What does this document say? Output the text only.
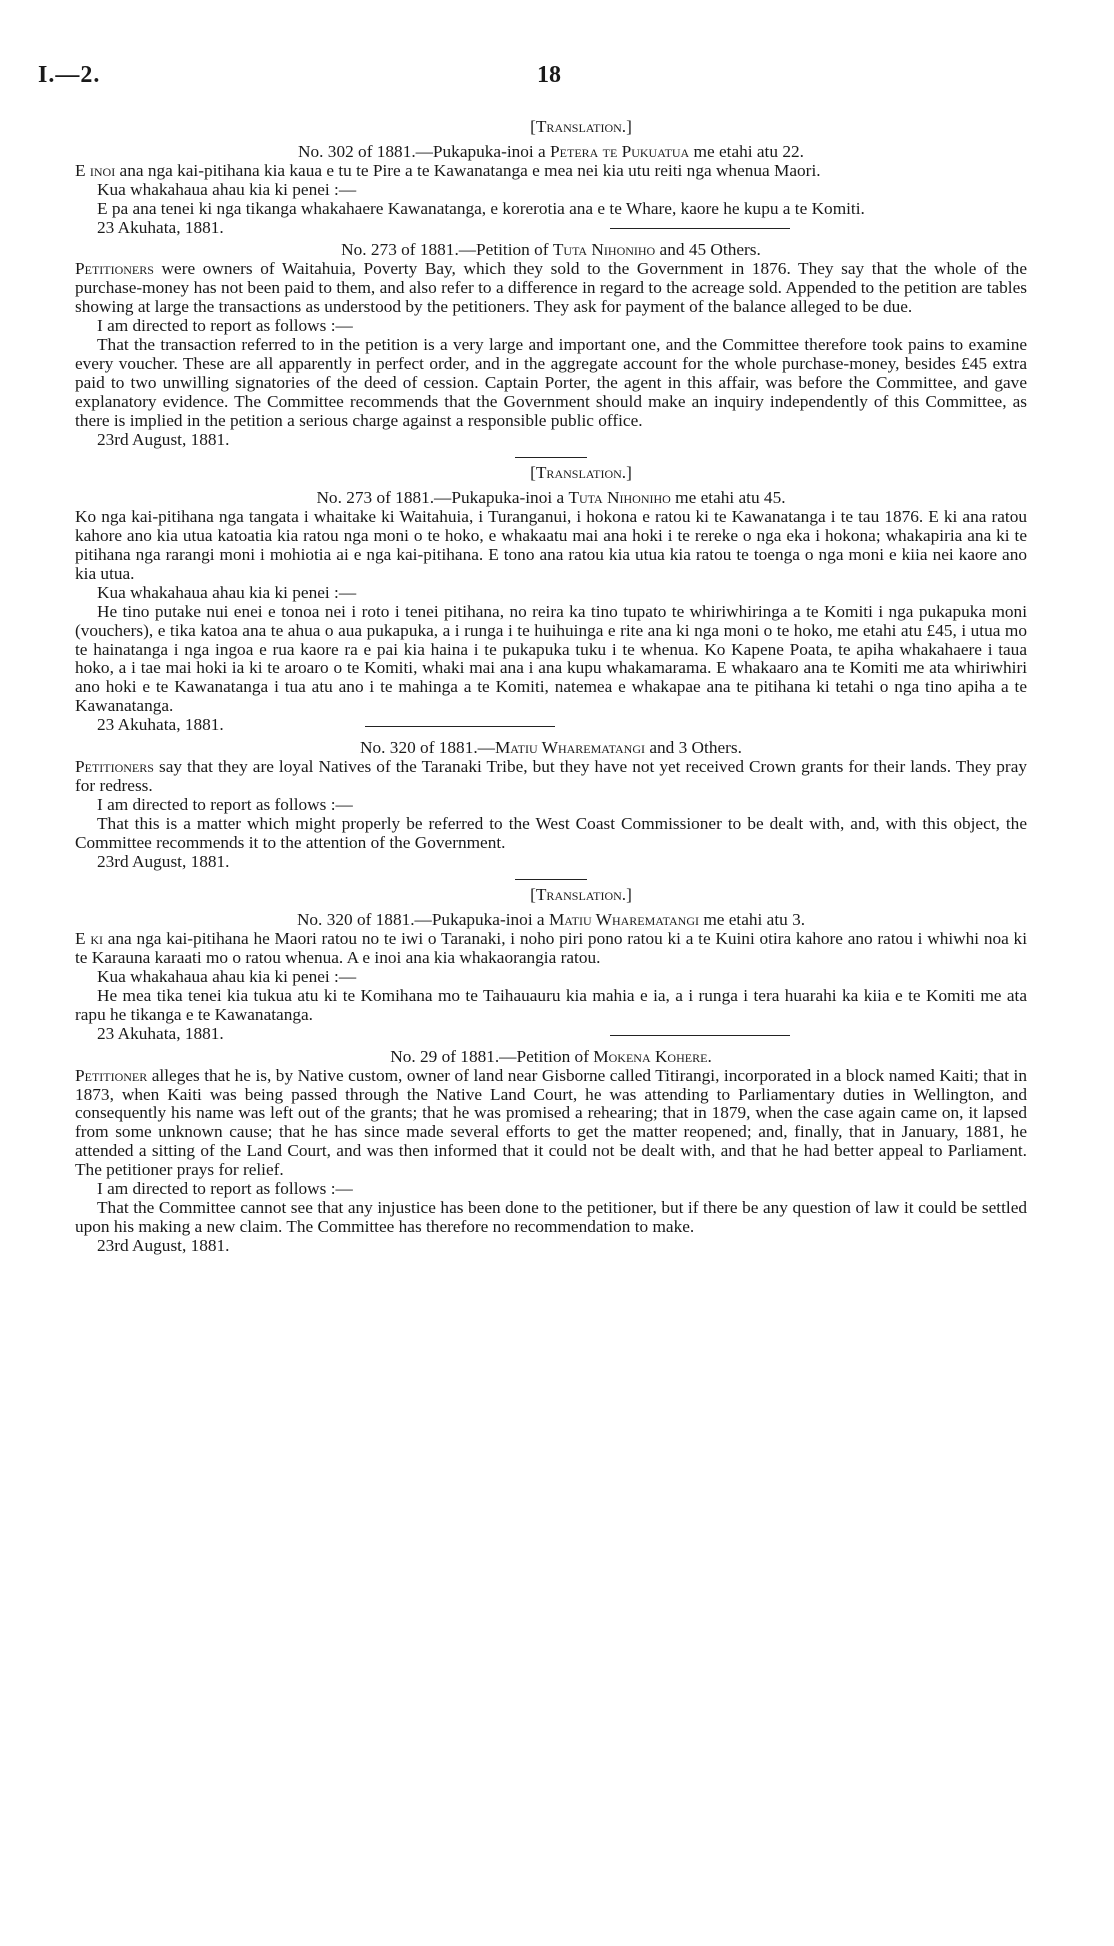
I.—2.	18
[Translation.]
No. 302 of 1881.—Pukapuka-inoi a Petera te Pukuatua me etahi atu 22.

E inoi ana nga kai-pitihana kia kaua e tu te Pire a te Kawanatanga e mea nei kia utu reiti nga whenua Maori.

Kua whakahaua ahau kia ki penei :—

E pa ana tenei ki nga tikanga whakahaere Kawanatanga, e korerotia ana e te Whare, kaore he kupu a te Komiti.

23 Akuhata, 1881.
No. 273 of 1881.—Petition of Tuta Nihoniho and 45 Others.

Petitioners were owners of Waitahuia, Poverty Bay, which they sold to the Government in 1876. They say that the whole of the purchase-money has not been paid to them, and also refer to a difference in regard to the acreage sold. Appended to the petition are tables showing at large the transactions as understood by the petitioners. They ask for payment of the balance alleged to be due.

I am directed to report as follows :—

That the transaction referred to in the petition is a very large and important one, and the Committee therefore took pains to examine every voucher. These are all apparently in perfect order, and in the aggregate account for the whole purchase-money, besides £45 extra paid to two unwilling signatories of the deed of cession. Captain Porter, the agent in this affair, was before the Committee, and gave explanatory evidence. The Committee recommends that the Government should make an inquiry independently of this Committee, as there is implied in the petition a serious charge against a responsible public office.

23rd August, 1881.
[Translation.]
No. 273 of 1881.—Pukapuka-inoi a Tuta Nihoniho me etahi atu 45.

Ko nga kai-pitihana nga tangata i whaitake ki Waitahuia, i Turanganui, i hokona e ratou ki te Kawanatanga i te tau 1876. E ki ana ratou kahore ano kia utua katoatia kia ratou nga moni o te hoko, e whakaatu mai ana hoki i te rereke o nga eka i hokona; whakapiria ana ki te pitihana nga rarangi moni i mohiotia ai e nga kai-pitihana. E tono ana ratou kia utua kia ratou te toenga o nga moni e kiia nei kaore ano kia utua.

Kua whakahaua ahau kia ki penei :—

He tino putake nui enei e tonoa nei i roto i tenei pitihana, no reira ka tino tupato te whiriwhiringa a te Komiti i nga pukapuka moni (vouchers), e tika katoa ana te ahua o aua pukapuka, a i runga i te huihuinga e rite ana ki nga moni o te hoko, me etahi atu £45, i utua mo te hainatanga i nga ingoa e rua kaore ra e pai kia haina i te pukapuka tuku i te whenua. Ko Kapene Poata, te apiha whakahaere i taua hoko, a i tae mai hoki ia ki te aroaro o te Komiti, whaki mai ana i ana kupu whakamarama. E whakaaro ana te Komiti me ata whiriwhiri ano hoki e te Kawanatanga i tua atu ano i te mahinga a te Komiti, natemea e whakapae ana te pitihana ki tetahi o nga tino apiha a te Kawanatanga.

23 Akuhata, 1881.
No. 320 of 1881.—Matiu Wharematangi and 3 Others.

Petitioners say that they are loyal Natives of the Taranaki Tribe, but they have not yet received Crown grants for their lands. They pray for redress.

I am directed to report as follows :—

That this is a matter which might properly be referred to the West Coast Commissioner to be dealt with, and, with this object, the Committee recommends it to the attention of the Government.

23rd August, 1881.
[Translation.]
No. 320 of 1881.—Pukapuka-inoi a Matiu Wharematangi me etahi atu 3.

E ki ana nga kai-pitihana he Maori ratou no te iwi o Taranaki, i noho piri pono ratou ki a te Kuini otira kahore ano ratou i whiwhi noa ki te Karauna karaati mo o ratou whenua. A e inoi ana kia whakaorangia ratou.

Kua whakahaua ahau kia ki penei :—

He mea tika tenei kia tukua atu ki te Komihana mo te Taihauauru kia mahia e ia, a i runga i tera huarahi ka kiia e te Komiti me ata rapu he tikanga e te Kawanatanga.

23 Akuhata, 1881.
No. 29 of 1881.—Petition of Mokena Kohere.

Petitioner alleges that he is, by Native custom, owner of land near Gisborne called Titirangi, incorporated in a block named Kaiti; that in 1873, when Kaiti was being passed through the Native Land Court, he was attending to Parliamentary duties in Wellington, and consequently his name was left out of the grants; that he was promised a rehearing; that in 1879, when the case again came on, it lapsed from some unknown cause; that he has since made several efforts to get the matter reopened; and, finally, that in January, 1881, he attended a sitting of the Land Court, and was then informed that it could not be dealt with, and that he had better appeal to Parliament. The petitioner prays for relief.

I am directed to report as follows :—

That the Committee cannot see that any injustice has been done to the petitioner, but if there be any question of law it could be settled upon his making a new claim. The Committee has therefore no recommendation to make.

23rd August, 1881.
